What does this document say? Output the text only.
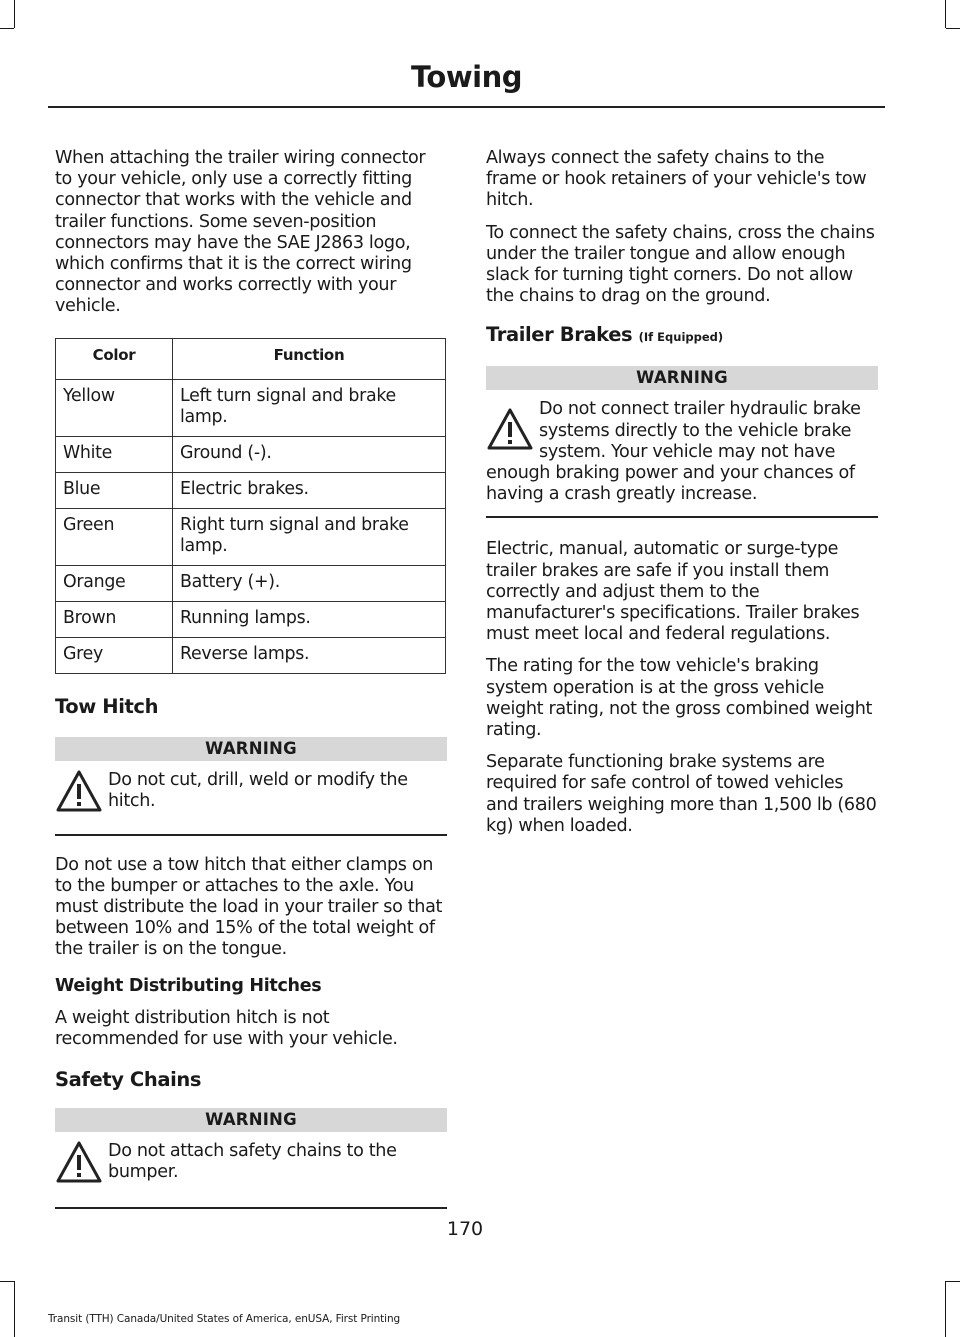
Towing

When attaching the trailer wiring connector to your vehicle, only use a correctly fitting connector that works with the vehicle and trailer functions. Some seven-position connectors may have the SAE J2863 logo, which confirms that it is the correct wiring connector and works correctly with your vehicle.

Color	Function
Yellow	Left turn signal and brake lamp.
White	Ground (-).
Blue	Electric brakes.
Green	Right turn signal and brake lamp.
Orange	Battery (+).
Brown	Running lamps.
Grey	Reverse lamps.
Tow Hitch
WARNING
Do not cut, drill, weld or modify the hitch.

Do not use a tow hitch that either clamps on to the bumper or attaches to the axle. You must distribute the load in your trailer so that between 10% and 15% of the total weight of the trailer is on the tongue.

Weight Distributing Hitches

A weight distribution hitch is not recommended for use with your vehicle.

Safety Chains
WARNING
Do not attach safety chains to the bumper.

Always connect the safety chains to the frame or hook retainers of your vehicle's tow hitch.

To connect the safety chains, cross the chains under the trailer tongue and allow enough slack for turning tight corners. Do not allow the chains to drag on the ground.

Trailer Brakes (If Equipped)
WARNING
Do not connect trailer hydraulic brake systems directly to the vehicle brake system. Your vehicle may not have enough braking power and your chances of having a crash greatly increase.

Electric, manual, automatic or surge-type trailer brakes are safe if you install them correctly and adjust them to the manufacturer's specifications. Trailer brakes must meet local and federal regulations.

The rating for the tow vehicle's braking system operation is at the gross vehicle weight rating, not the gross combined weight rating.

Separate functioning brake systems are required for safe control of towed vehicles and trailers weighing more than 1,500 lb (680 kg) when loaded.

170
Transit (TTH) Canada/United States of America, enUSA, First Printing
